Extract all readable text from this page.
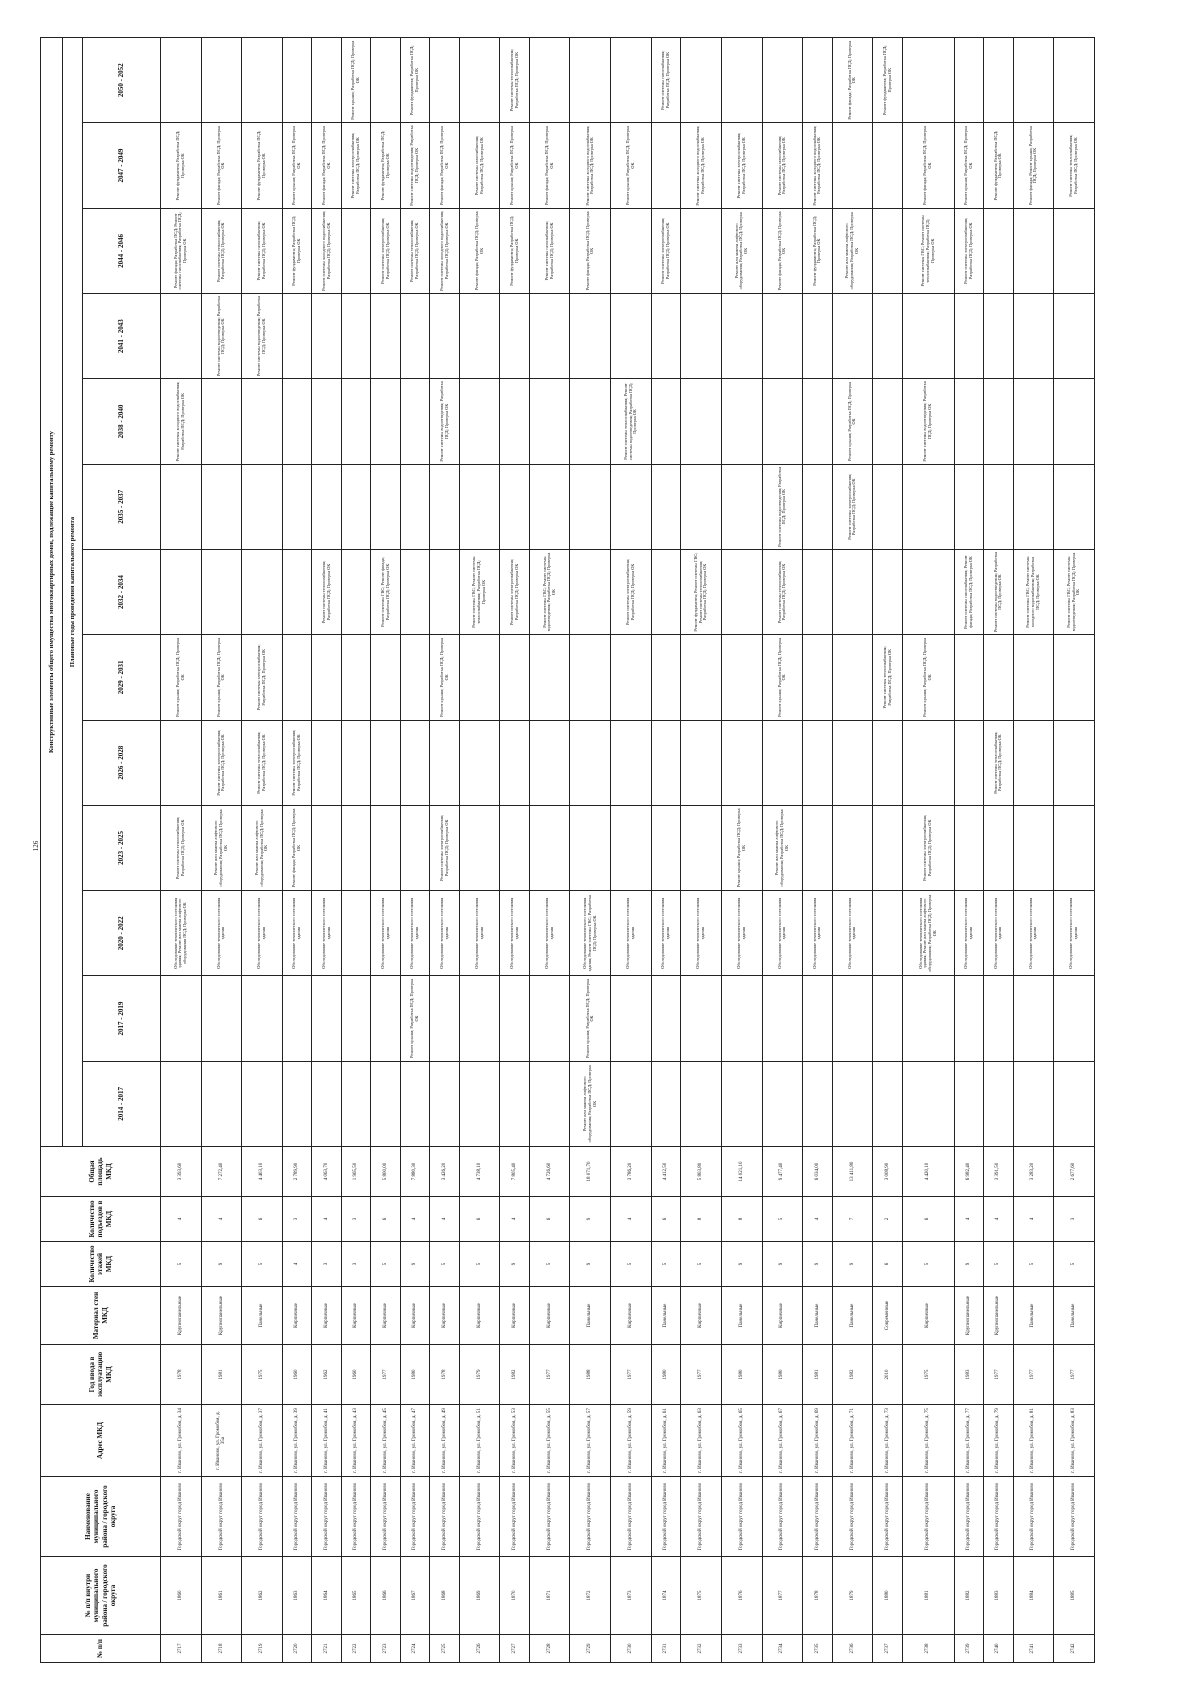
126
№ п/п	№ п/п внутри муниципального района / городского округа	Наименование муниципального района / городского округа	Адрес МКД	Год ввода в эксплуатацию МКД	Материал стен МКД	Количество этажей МКД	Количество подъездов в МКД	Общая площадь МКД	Конструктивные элементы общего имущества многоквартирных домов, подлежащие капитальному ремонту													
									Плановые годы проведения капитального ремонта													
									2014 - 2017	2017 - 2019	2020 - 2022	2023 - 2025	2026 - 2028	2029 - 2031	2032 - 2034	2035 - 2037	2038 - 2040	2041 - 2043	2044 - 2046	2047 - 2049	2050 - 2052	
2717	1860	Городской округ город Иваново	г. Иваново, ул. Громобоя, д. 34	1978	Крупнопанельные	5	4	3 393,60			Обследование технического состояния здания; Ремонт или замена лифтового оборудования ПСД; Проверка ОК	Ремонт системы теплоснабжения; Разработка ПСД; Проверка ОК		Ремонт крыши; Разработка ПСД; Проверка ОК			Ремонт системы холодного водоснабжения; Разработка ПСД; Проверка ОК		Ремонт фасада; Разработка ПСД; Ремонт системы газоснабжения; Разработка ПСД; Проверка ОК	Ремонт фундамента; Разработка ПСД; Проверка ОК		
2718	1861	Городской округ город Иваново	г. Иваново, ул. Громобоя, д. 35а	1981	Крупнопанельные	9	4	7 272,40			Обследование технического состояния здания	Ремонт или замена лифтового оборудования; Разработка ПСД; Проверка ОК	Ремонт системы электроснабжения; Разработка ПСД; Проверка ОК	Ремонт крыши; Разработка ПСД; Проверка ОК				Ремонт системы водоотведения; Разработка ПСД; Проверка ОК	Ремонт системы теплоснабжения; Разработка ПСД; Проверка ОК	Ремонт фасада; Разработка ПСД; Проверка ОК		
2719	1862	Городской округ город Иваново	г. Иваново, ул. Громобоя, д. 37	1975	Панельные	5	6	4 403,10			Обследование технического состояния здания	Ремонт или замена лифтового оборудования; Разработка ПСД; Проверка ОК	Ремонт системы теплоснабжения; Разработка ПСД; Проверка ОК	Ремонт системы электроснабжения; Разработка ПСД; Проверка ОК				Ремонт системы водоотведения; Разработка ПСД; Проверка ОК	Ремонт системы газоснабжения; Разработка ПСД; Проверка ОК	Ремонт фундамента; Разработка ПСД; Проверка ОК		
2720	1863	Городской округ город Иваново	г. Иваново, ул. Громобоя, д. 39	1960	Кирпичные	4	3	2 789,90			Обследование технического состояния здания	Ремонт фасада; Разработка ПСД; Проверка ОК	Ремонт системы электроснабжения; Разработка ПСД; Проверка ОК						Ремонт фундамента; Разработка ПСД; Проверка ОК	Ремонт крыши; Разработка ПСД; Проверка ОК		
2721	1864	Городской округ город Иваново	г. Иваново, ул. Громобоя, д. 41	1962	Кирпичные	3	4	4 063,70			Обследование технического состояния здания				Ремонт системы теплоснабжения; Разработка ПСД; Проверка ОК				Ремонт системы холодного водоснабжения; Разработка ПСД; Проверка ОК	Ремонт фасада; Разработка ПСД; Проверка ОК		
2722	1865	Городской округ город Иваново	г. Иваново, ул. Громобоя, д. 43	1960	Кирпичные	3	3	1 965,50												Ремонт системы электроснабжения; Разработка ПСД; Проверка ОК	Ремонт крыши; Разработка ПСД; Проверка ОК	
2723	1866	Городской округ город Иваново	г. Иваново, ул. Громобоя, д. 45	1977	Кирпичные	5	6	5 800,00			Обследование технического состояния здания				Ремонт системы ГВС; Ремонт фасада; Разработка ПСД; Проверка ОК				Ремонт системы электроснабжения; Разработка ПСД; Проверка ОК	Ремонт фундамента; Разработка ПСД; Проверка ОК		
2724	1867	Городской округ город Иваново	г. Иваново, ул. Громобоя, д. 47	1980	Кирпичные	9	4	7 880,30		Ремонт крыши; Разработка ПСД; Проверка ОК	Обследование технического состояния здания								Ремонт системы теплоснабжения; Разработка ПСД; Проверка ОК	Ремонт системы водоотведения; Разработка ПСД; Проверка ОК	Ремонт фундамента; Разработка ПСД; Проверка ОК	
2725	1868	Городской округ город Иваново	г. Иваново, ул. Громобоя, д. 49	1978	Кирпичные	5	4	3 426,20			Обследование технического состояния здания	Ремонт системы электроснабжения; Разработка ПСД; Проверка ОК		Ремонт крыши; Разработка ПСД; Проверка ОК			Ремонт системы водоотведения; Разработка ПСД; Проверка ОК		Ремонт системы холодного водоснабжения; Разработка ПСД; Проверка ОК	Ремонт фасада; Разработка ПСД; Проверка ОК		
2726	1869	Городской округ город Иваново	г. Иваново, ул. Громобоя, д. 51	1979	Кирпичные	5	6	4 738,10			Обследование технического состояния здания				Ремонт системы ГВС; Ремонт системы теплоснабжения; Разработка ПСД; Проверка ОК				Ремонт фасада; Разработка ПСД; Проверка ОК	Ремонт системы газоснабжения; Разработка ПСД; Проверка ОК		
2727	1870	Городской округ город Иваново	г. Иваново, ул. Громобоя, д. 53	1982	Кирпичные	9	4	7 805,40			Обследование технического состояния здания				Ремонт системы электроснабжения; Разработка ПСД; Проверка ОК				Ремонт фундамента; Разработка ПСД; Проверка ОК	Ремонт крыши; Разработка ПСД; Проверка ОК	Ремонт системы теплоснабжения; Разработка ПСД; Проверка ОК	
2728	1871	Городской округ город Иваново	г. Иваново, ул. Громобоя, д. 55	1977	Кирпичные	5	6	4 726,60			Обследование технического состояния здания				Ремонт системы ГВС; Ремонт системы водоотведения; Разработка ПСД; Проверка ОК				Ремонт системы газоснабжения; Разработка ПСД; Проверка ОК	Ремонт фасада; Разработка ПСД; Проверка ОК		
2729	1872	Городской округ город Иваново	г. Иваново, ул. Громобоя, д. 57	1988	Панельные	9	9	18 071,70	Ремонт или замена лифтового оборудования; Разработка ПСД; Проверка ОК	Ремонт крыши; Разработка ПСД; Проверка ОК	Обследование технического состояния здания; Ремонт системы ГВС; Разработка ПСД; Проверка ОК								Ремонт фасада; Разработка ПСД; Проверка ОК	Ремонт системы холодного водоснабжения; Разработка ПСД; Проверка ОК		
2730	1873	Городской округ город Иваново	г. Иваново, ул. Громобоя, д. 59	1977	Кирпичные	5	4	3 786,20			Обследование технического состояния здания				Ремонт системы электроснабжения; Разработка ПСД; Проверка ОК		Ремонт системы теплоснабжения; Ремонт системы водоотведения; Разработка ПСД; Проверка ОК			Ремонт крыши; Разработка ПСД; Проверка ОК		
2731	1874	Городской округ город Иваново	г. Иваново, ул. Громобоя, д. 61	1980	Панельные	5	6	4 412,50			Обследование технического состояния здания								Ремонт системы электроснабжения; Разработка ПСД; Проверка ОК		Ремонт системы газоснабжения; Разработка ПСД; Проверка ОК	
2732	1875	Городской округ город Иваново	г. Иваново, ул. Громобоя, д. 63	1977	Кирпичные	5	8	5 803,80			Обследование технического состояния здания				Ремонт фундамента; Ремонт системы ГВС; Ремонт системы теплоснабжения; Разработка ПСД; Проверка ОК					Ремонт системы холодного водоснабжения; Разработка ПСД; Проверка ОК		
2733	1876	Городской округ город Иваново	г. Иваново, ул. Громобоя, д. 65	1980	Панельные	9	8	14 021,10			Обследование технического состояния здания	Ремонт крыши; Разработка ПСД; Проверка ОК							Ремонт или замена лифтового оборудования; Разработка ПСД; Проверка ОК	Ремонт системы электроснабжения; Разработка ПСД; Проверка ОК		
2734	1877	Городской округ город Иваново	г. Иваново, ул. Громобоя, д. 67	1980	Кирпичные	9	5	9 477,40			Обследование технического состояния здания	Ремонт или замена лифтового оборудования; Разработка ПСД; Проверка ОК		Ремонт крыши; Разработка ПСД; Проверка ОК	Ремонт системы теплоснабжения; Разработка ПСД; Проверка ОК	Ремонт системы водоотведения; Разработка ПСД; Проверка ОК			Ремонт фасада; Разработка ПСД; Проверка ОК	Ремонт системы газоснабжения; Разработка ПСД; Проверка ОК		
2735	1878	Городской округ город Иваново	г. Иваново, ул. Громобоя, д. 69	1981	Панельные	9	4	6 034,00			Обследование технического состояния здания								Ремонт фундамента; Разработка ПСД; Проверка ОК	Ремонт системы холодного водоснабжения; Разработка ПСД; Проверка ОК		
2736	1879	Городской округ город Иваново	г. Иваново, ул. Громобоя, д. 71	1982	Панельные	9	7	13 411,80			Обследование технического состояния здания					Ремонт системы электроснабжения; Разработка ПСД; Проверка ОК	Ремонт крыши; Разработка ПСД; Проверка ОК		Ремонт или замена лифтового оборудования; Разработка ПСД; Проверка ОК		Ремонт фасада; Разработка ПСД; Проверка ОК	
2737	1880	Городской округ город Иваново	г. Иваново, ул. Громобоя, д. 73	2010	Современные	6	2	3 008,90						Ремонт системы теплоснабжения; Разработка ПСД; Проверка ОК							Ремонт фундамента; Разработка ПСД; Проверка ОК	
2738	1881	Городской округ город Иваново	г. Иваново, ул. Громобоя, д. 75	1975	Кирпичные	5	6	4 420,10			Обследование технического состояния здания; Ремонт или замена лифтового оборудования; Разработка ПСД; Проверка ОК	Ремонт системы электроснабжения; Разработка ПСД; Проверка ОК		Ремонт крыши; Разработка ПСД; Проверка ОК			Ремонт системы водоотведения; Разработка ПСД; Проверка ОК		Ремонт системы ГВС; Ремонт системы теплоснабжения; Разработка ПСД; Проверка ОК	Ремонт фасада; Разработка ПСД; Проверка ОК		
2739	1882	Городской округ город Иваново	г. Иваново, ул. Громобоя, д. 77	1983	Крупнопанельные	9	4	6 982,40			Обследование технического состояния здания				Ремонт системы газоснабжения; Ремонт фасада; Разработка ПСД; Проверка ОК				Ремонт системы электроснабжения; Разработка ПСД; Проверка ОК	Ремонт крыши; Разработка ПСД; Проверка ОК		
2740	1883	Городской округ город Иваново	г. Иваново, ул. Громобоя, д. 79	1977	Крупнопанельные	5	4	3 391,50			Обследование технического состояния здания		Ремонт системы теплоснабжения; Разработка ПСД; Проверка ОК		Ремонт системы водоотведения; Разработка ПСД; Проверка ОК					Ремонт фундамента; Разработка ПСД; Проверка ОК		
2741	1884	Городской округ город Иваново	г. Иваново, ул. Громобоя, д. 81	1977	Панельные	5	4	3 283,20			Обследование технического состояния здания				Ремонт системы ГВС; Ремонт системы холодного водоснабжения; Разработка ПСД; Проверка ОК					Ремонт фасада; Ремонт крыши; Разработка ПСД; Проверка ОК		
2742	1885	Городской округ город Иваново	г. Иваново, ул. Громобоя, д. 83	1977	Панельные	5	3	2 677,60			Обследование технического состояния здания				Ремонт системы ГВС; Ремонт системы водоотведения; Разработка ПСД; Проверка ОК					Ремонт системы теплоснабжения; Разработка ПСД; Проверка ОК		
